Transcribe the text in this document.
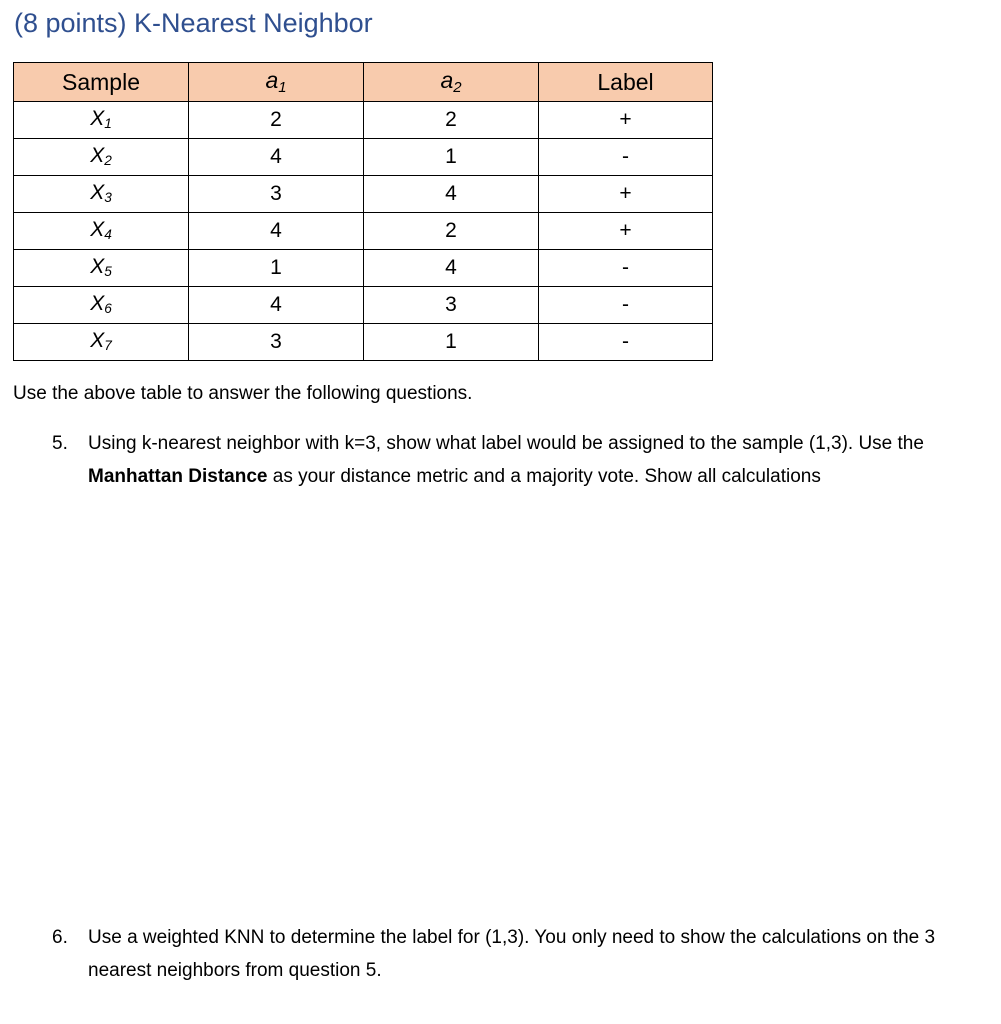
(8 points) K-Nearest Neighbor
Sample	$a_1$	$a_2$	Label
$X_1$	2	2	+
$X_2$	4	1	-
$X_3$	3	4	+
$X_4$	4	2	+
$X_5$	1	4	-
$X_6$	4	3	-
$X_7$	3	1	-
Use the above table to answer the following questions.
5. Using k-nearest neighbor with k=3, show what label would be assigned to the sample (1,3). Use the Manhattan Distance as your distance metric and a majority vote. Show all calculations
6. Use a weighted KNN to determine the label for (1,3). You only need to show the calculations on the 3 nearest neighbors from question 5.
